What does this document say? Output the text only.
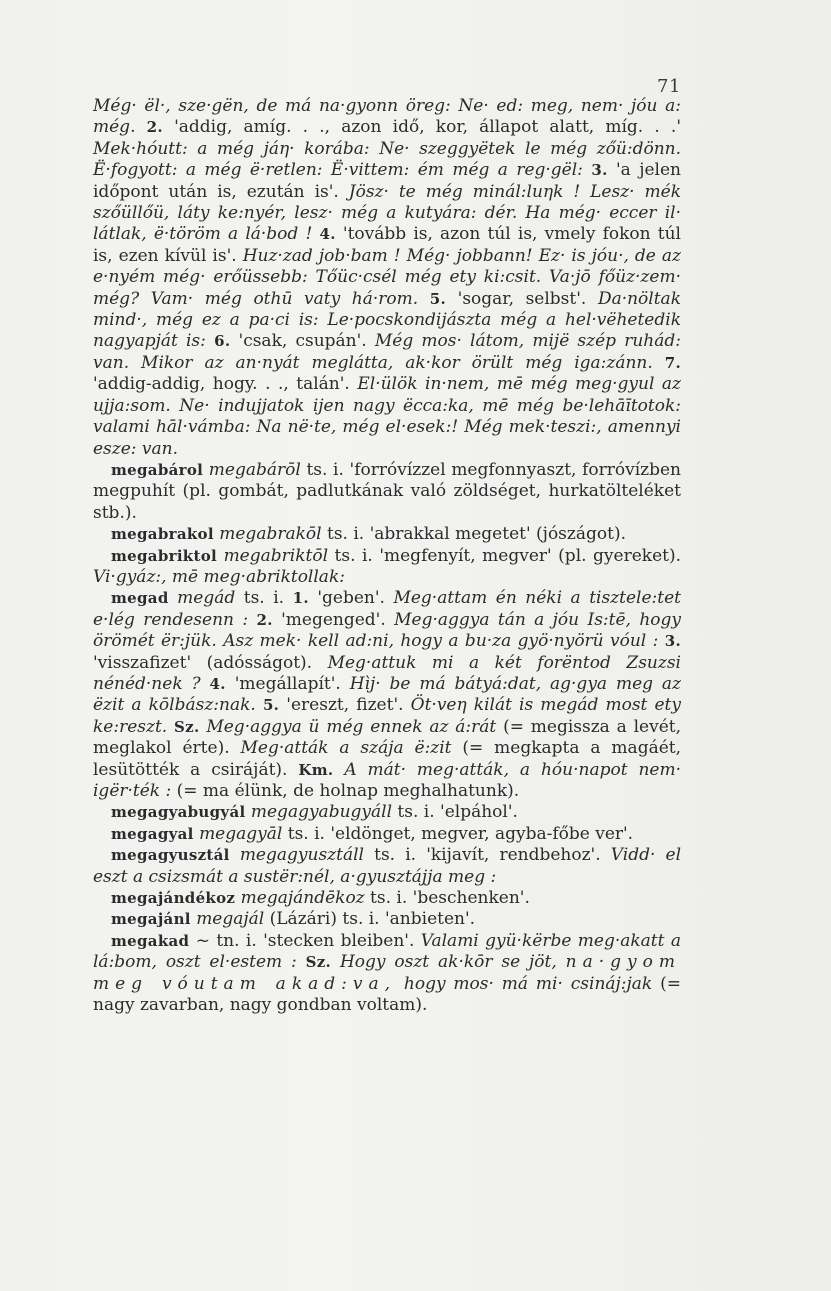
71

Még· ël·, sze·gën, de má na·gyonn öreg: Ne· ed: meg, nem· jóu a: még. 2. 'addig, amíg. . ., azon idő, kor, állapot alatt, míg. . .' Mek·hóutt: a még jáη· korába: Ne· szeggyëtek le még zőü:dönn. Ë·fogyott: a még ë·retlen: Ë·vittem: ém még a reg·gël: 3. 'a jelen időpont után is, ezután is'. Jösz· te még minál:luηk ! Lesz· mék szőüllőü, láty ke:nyér, lesz· még a kutyára: dér. Ha még· eccer il· látlak, ë·töröm a lá·bod ! 4. 'tovább is, azon túl is, vmely fokon túl is, ezen kívül is'. Huz·zad job·bam ! Még· jobbann! Ez· is jóu·, de az e·nyém még· erőüssebb: Tőüc·csél még ety ki:csit. Va·jō főüz·zem· még? Vam· még othū vaty há·rom. 5. 'sogar, selbst'. Da·nöltak mind·, még ez a pa·ci is: Le·pocskondijászta még a hel·vëhetedik nagyapját is: 6. 'csak, csupán'. Még mos· látom, mijë szép ruhád: van. Mikor az an·nyát meglátta, ak·kor örült még iga:zánn. 7. 'addig-addig, hogy. . ., talán'. El·ülök in·nem, mē még meg·gyul az ujja:som. Ne· indujjatok ijen nagy ëcca:ka, mē még be·lehāītotok: valami hāl·vámba: Na në·te, még el·esek:! Még mek·teszi:, amennyi esze: van.

megabárol megabárōl ts. i. 'forróvízzel megfonnyaszt, forróvízben megpuhít (pl. gombát, padlutkának való zöldséget, hurkatölteléket stb.).

megabrakol megabrakōl ts. i. 'abrakkal megetet' (jószágot).

megabriktol megabriktōl ts. i. 'megfenyít, megver' (pl. gyereket). Vi·gyáz:, mē meg·abriktollak:

megad megád ts. i. 1. 'geben'. Meg·attam én néki a tisztele:tet e·lég rendesenn : 2. 'megenged'. Meg·aggya tán a jóu Is:tē, hogy örömét ër:jük. Asz mek· kell ad:ni, hogy a bu·za gyö·nyörü vóul : 3. 'visszafizet' (adósságot). Meg·attuk mi a két forëntod Zsuzsi nénéd·nek ? 4. 'megállapít'. Hìj· be má bátyá:dat, ag·gya meg az ëzit a kōlbász:nak. 5. 'ereszt, fizet'. Öt·veη kilát is megád most ety ke:reszt. Sz. Meg·aggya ü még ennek az á:rát (= megissza a levét, meglakol érte). Meg·atták a szája ë:zit (= megkapta a magáét, lesütötték a csiráját). Km. A mát· meg·atták, a hóu·napot nem· igër·ték : (= ma élünk, de holnap meghalhatunk).

megagyabugyál megagyabugyáll ts. i. 'elpáhol'.

megagyal megagyāl ts. i. 'eldönget, megver, agyba-főbe ver'.

megagyusztál megagyusztáll ts. i. 'kijavít, rendbehoz'. Vidd· el eszt a csizsmát a sustër:nél, a·gyusztájja meg :

megajándékoz megajándēkoz ts. i. 'beschenken'.

megajánl megajál (Lázári) ts. i. 'anbieten'.

megakad ~ tn. i. 'stecken bleiben'. Valami gyü·kërbe meg·akatt a lá:bom, oszt el·estem : Sz. Hogy oszt ak·kōr se jöt, na·gyom meg vóutam akad:va, hogy mos· má mi· csináj:jak (= nagy zavarban, nagy gondban voltam).
